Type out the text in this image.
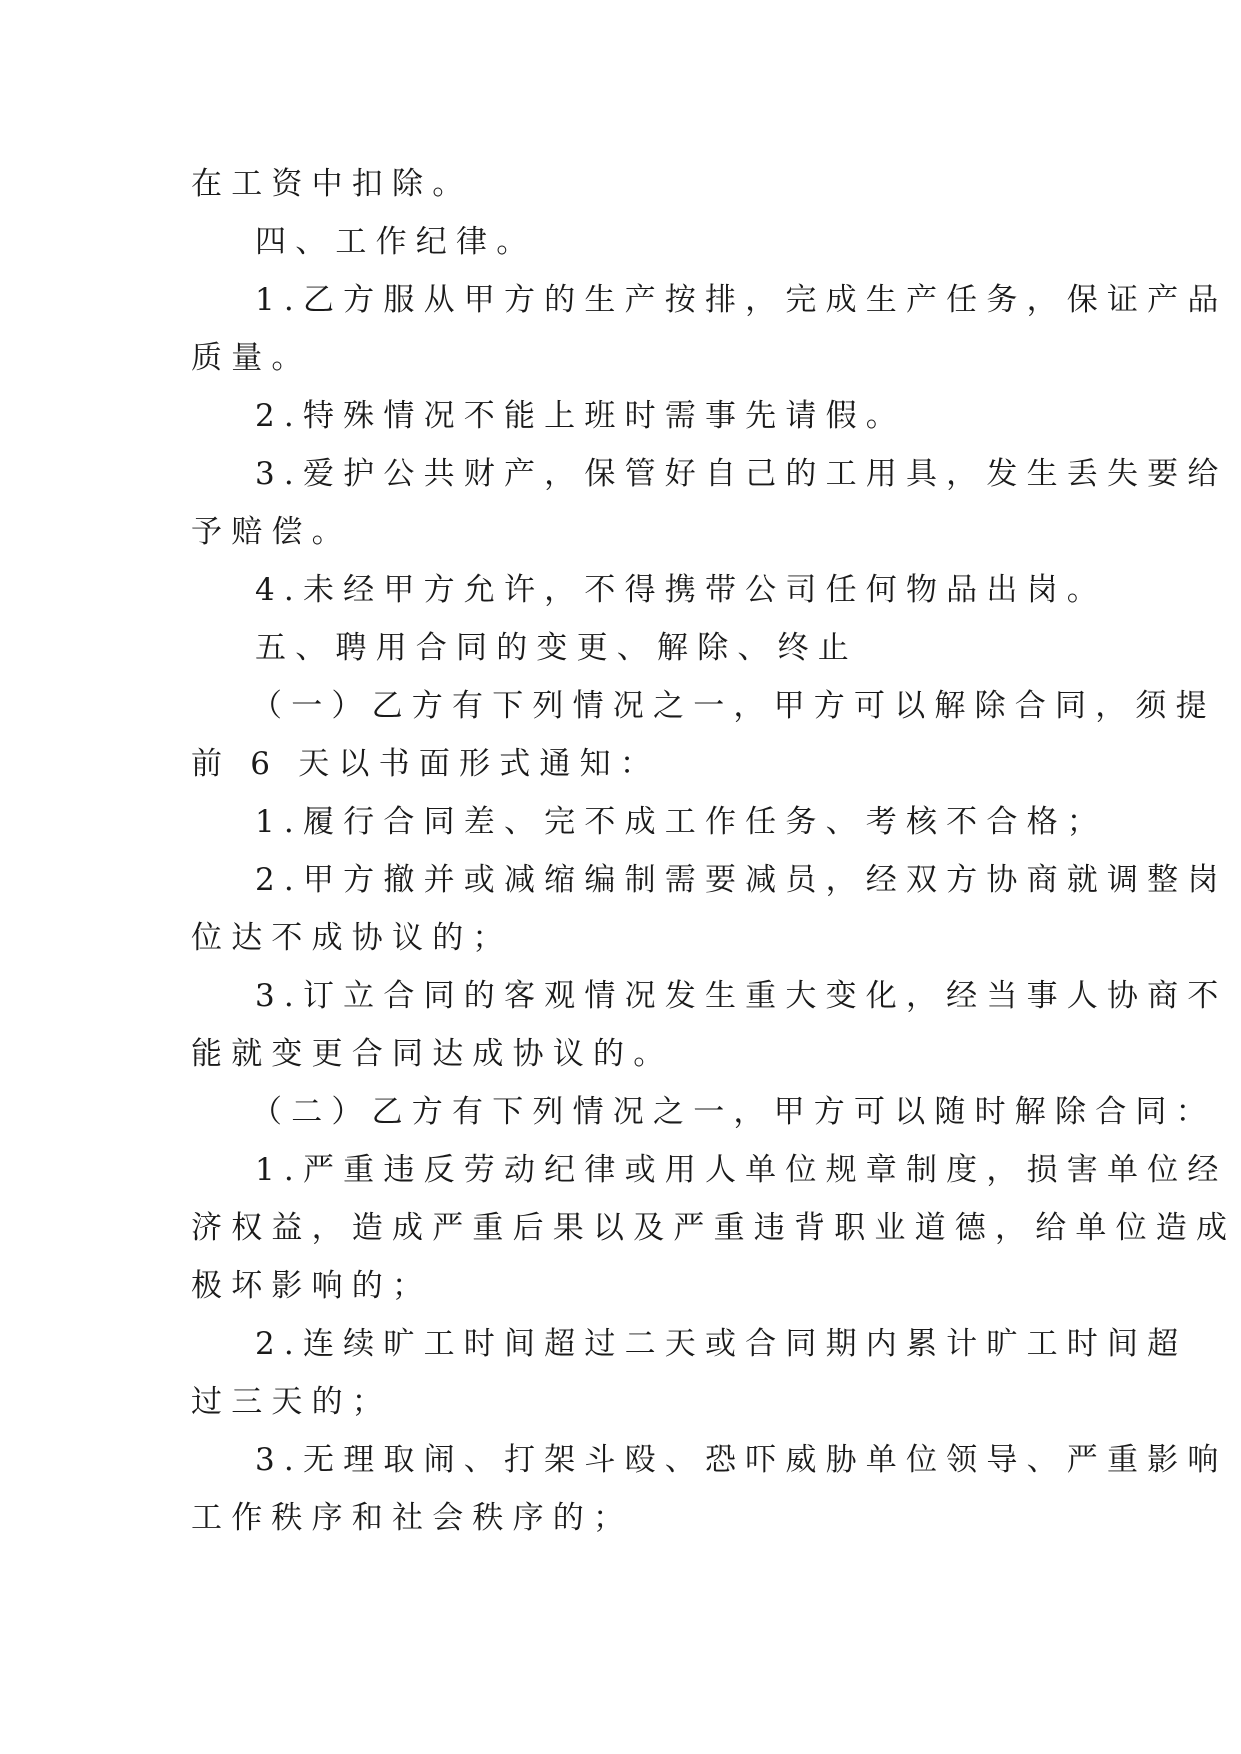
在工资中扣除。
四、工作纪律。
1.乙方服从甲方的生产按排，完成生产任务，保证产品
质量。
2.特殊情况不能上班时需事先请假。
3.爱护公共财产，保管好自己的工用具，发生丢失要给
予赔偿。
4.未经甲方允许，不得携带公司任何物品出岗。
五、聘用合同的变更、解除、终止
（一）乙方有下列情况之一，甲方可以解除合同，须提
前 6 天以书面形式通知：
1.履行合同差、完不成工作任务、考核不合格；
2.甲方撤并或减缩编制需要减员，经双方协商就调整岗
位达不成协议的；
3.订立合同的客观情况发生重大变化，经当事人协商不
能就变更合同达成协议的。
（二）乙方有下列情况之一，甲方可以随时解除合同：
1.严重违反劳动纪律或用人单位规章制度，损害单位经
济权益，造成严重后果以及严重违背职业道德，给单位造成
极坏影响的；
2.连续旷工时间超过二天或合同期内累计旷工时间超
过三天的；
3.无理取闹、打架斗殴、恐吓威胁单位领导、严重影响
工作秩序和社会秩序的；
